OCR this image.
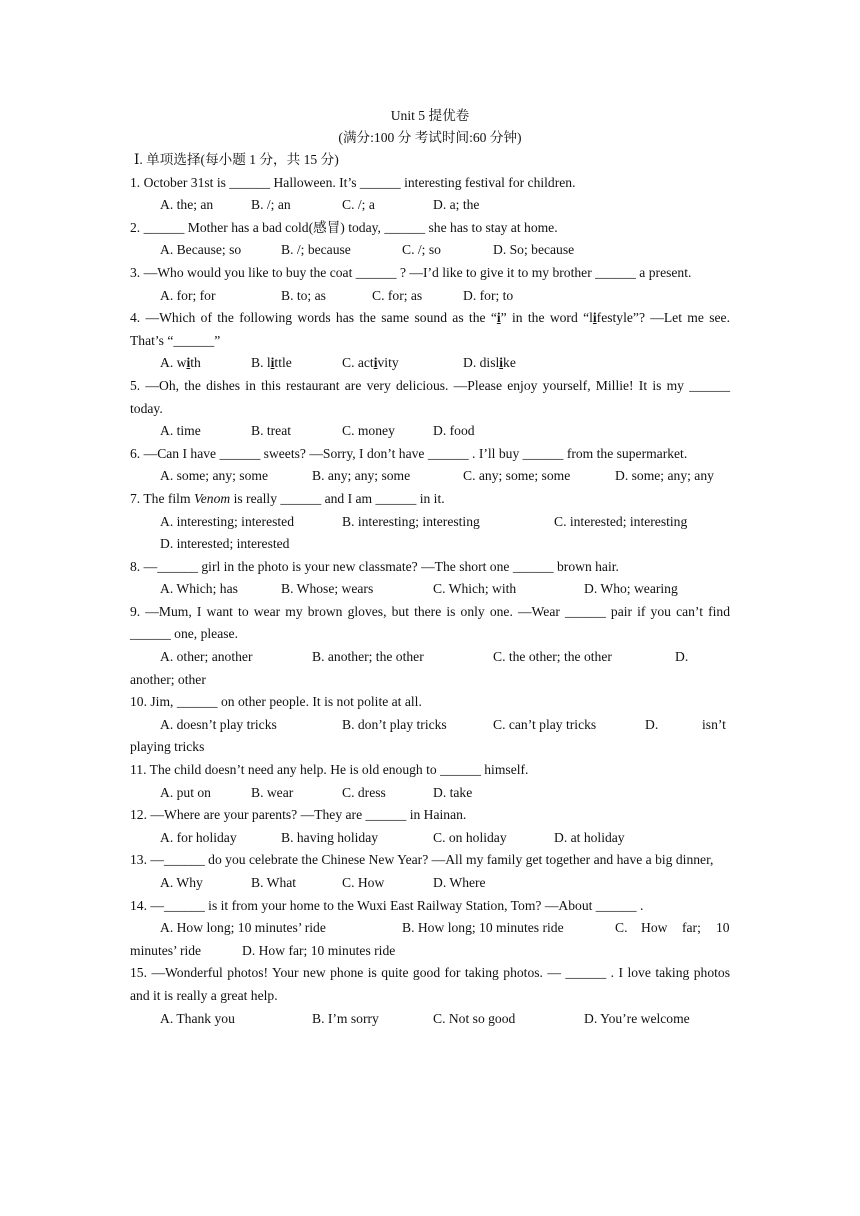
Unit 5 提优卷
(满分:100 分 考试时间:60 分钟)
Ⅰ. 单项选择(每小题 1 分，共 15 分)
1. October 31st is ______ Halloween. It’s ______ interesting festival for children.
A. the; an	B. /; an	C. /; a	D. a; the
2. ______ Mother has a bad cold(感冒) today, ______ she has to stay at home.
A. Because; so	B. /; because	C. /; so	D. So; because
3. —Who would you like to buy the coat ______ ? —I’d like to give it to my brother ______ a present.
A. for; for	B. to; as	C. for; as	D. for; to
4. —Which of the following words has the same sound as the “i” in the word “lifestyle”? —Let me see. That’s “______”
A. with	B. little	C. activity	D. dislike
5. —Oh, the dishes in this restaurant are very delicious. —Please enjoy yourself, Millie! It is my ______ today.
A. time	B. treat	C. money	D. food
6. —Can I have ______ sweets? —Sorry, I don’t have ______ . I’ll buy ______ from the supermarket.
A. some; any; some	B. any; any; some	C. any; some; some	D. some; any; any
7. The film Venom is really ______ and I am ______ in it.
A. interesting; interested	B. interesting; interesting	C. interested; interesting
D. interested; interested
8. —______ girl in the photo is your new classmate? —The short one ______ brown hair.
A. Which; has	B. Whose; wears	C. Which; with	D. Who; wearing
9. —Mum, I want to wear my brown gloves, but there is only one. —Wear ______ pair if you can’t find ______ one, please.
A. other; another	B. another; the other	C. the other; the other	D.
another; other
10. Jim, ______ on other people. It is not polite at all.
A. doesn’t play tricks	B. don’t play tricks	C. can’t play tricks	D.	isn’t
playing tricks
11. The child doesn’t need any help. He is old enough to ______ himself.
A. put on	B. wear	C. dress	D. take
12. —Where are your parents? —They are ______ in Hainan.
A. for holiday	B. having holiday	C. on holiday	D. at holiday
13. —______ do you celebrate the Chinese New Year? —All my family get together and have a big dinner,
A. Why	B. What	C. How	D. Where
14. —______ is it from your home to the Wuxi East Railway Station, Tom? —About ______ .
A. How long; 10 minutes’ ride	B. How long; 10 minutes ride	C. How far; 10
minutes’ ride	D. How far; 10 minutes ride
15. —Wonderful photos! Your new phone is quite good for taking photos. — ______ . I love taking photos and it is really a great help.
A. Thank you	B. I’m sorry	C. Not so good	D. You’re welcome
